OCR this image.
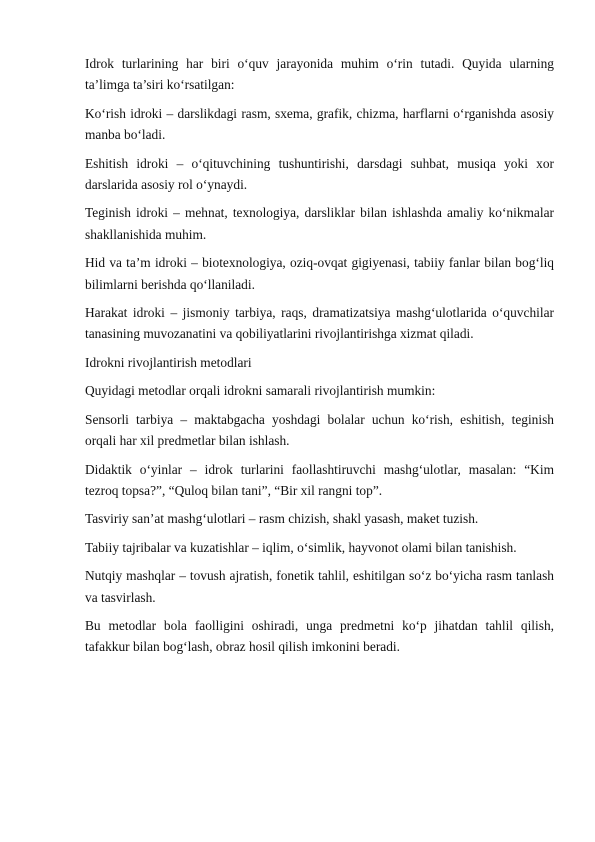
Idrok turlarining har biri o‘quv jarayonida muhim o‘rin tutadi. Quyida ularning ta’limga ta’siri ko‘rsatilgan:

Ko‘rish idroki – darslikdagi rasm, sxema, grafik, chizma, harflarni o‘rganishda asosiy manba bo‘ladi.

Eshitish idroki – o‘qituvchining tushuntirishi, darsdagi suhbat, musiqa yoki xor darslarida asosiy rol o‘ynaydi.

Teginish idroki – mehnat, texnologiya, darsliklar bilan ishlashda amaliy ko‘nikmalar shakllanishida muhim.

Hid va ta’m idroki – biotexnologiya, oziq-ovqat gigiyenasi, tabiiy fanlar bilan bog‘liq bilimlarni berishda qo‘llaniladi.

Harakat idroki – jismoniy tarbiya, raqs, dramatizatsiya mashg‘ulotlarida o‘quvchilar tanasining muvozanatini va qobiliyatlarini rivojlantirishga xizmat qiladi.

Idrokni rivojlantirish metodlari

Quyidagi metodlar orqali idrokni samarali rivojlantirish mumkin:

Sensorli tarbiya – maktabgacha yoshdagi bolalar uchun ko‘rish, eshitish, teginish orqali har xil predmetlar bilan ishlash.

Didaktik o‘yinlar – idrok turlarini faollashtiruvchi mashg‘ulotlar, masalan: “Kim tezroq topsa?”, “Quloq bilan tani”, “Bir xil rangni top”.

Tasviriy san’at mashg‘ulotlari – rasm chizish, shakl yasash, maket tuzish.

Tabiiy tajribalar va kuzatishlar – iqlim, o‘simlik, hayvonot olami bilan tanishish.

Nutqiy mashqlar – tovush ajratish, fonetik tahlil, eshitilgan so‘z bo‘yicha rasm tanlash va tasvirlash.

Bu metodlar bola faolligini oshiradi, unga predmetni ko‘p jihatdan tahlil qilish, tafakkur bilan bog‘lash, obraz hosil qilish imkonini beradi.
